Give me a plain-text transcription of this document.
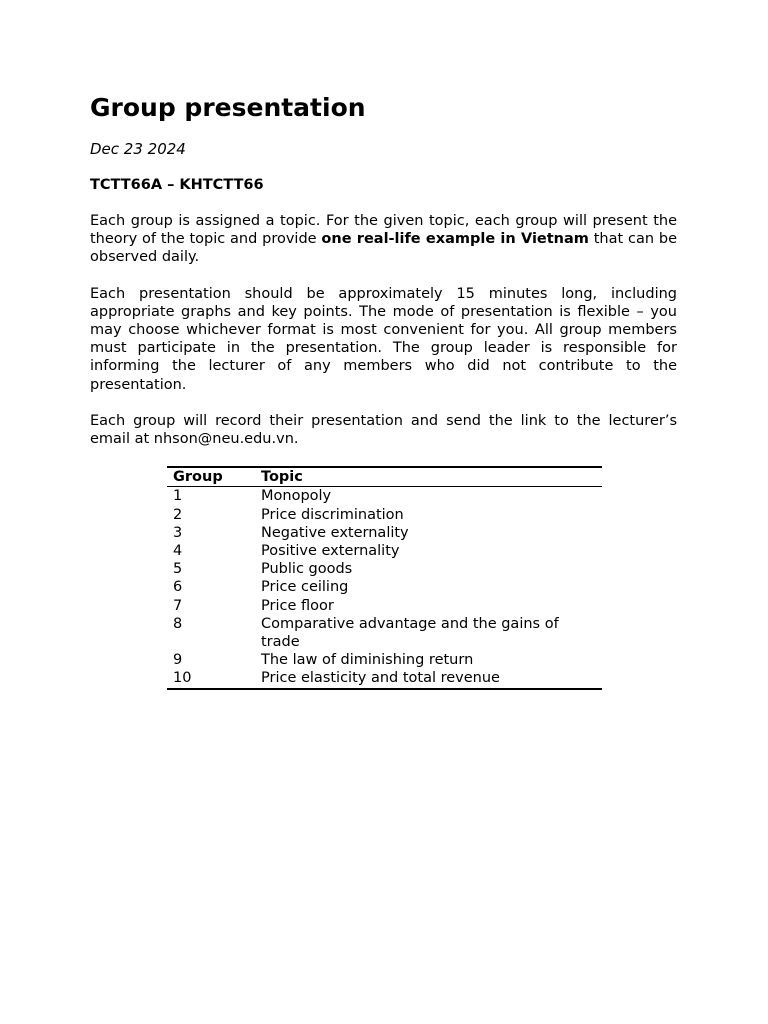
Group presentation
Dec 23 2024
TCTT66A – KHTCTT66

Each group is assigned a topic. For the given topic, each group will present the theory of the topic and provide one real-life example in Vietnam that can be observed daily.

Each presentation should be approximately 15 minutes long, including appropriate graphs and key points. The mode of presentation is flexible – you may choose whichever format is most convenient for you. All group members must participate in the presentation. The group leader is responsible for informing the lecturer of any members who did not contribute to the presentation.

Each group will record their presentation and send the link to the lecturer’s email at nhson@neu.edu.vn.

Group	Topic
1	Monopoly
2	Price discrimination
3	Negative externality
4	Positive externality
5	Public goods
6	Price ceiling
7	Price floor
8	Comparative advantage and the gains of trade
9	The law of diminishing return
10	Price elasticity and total revenue
